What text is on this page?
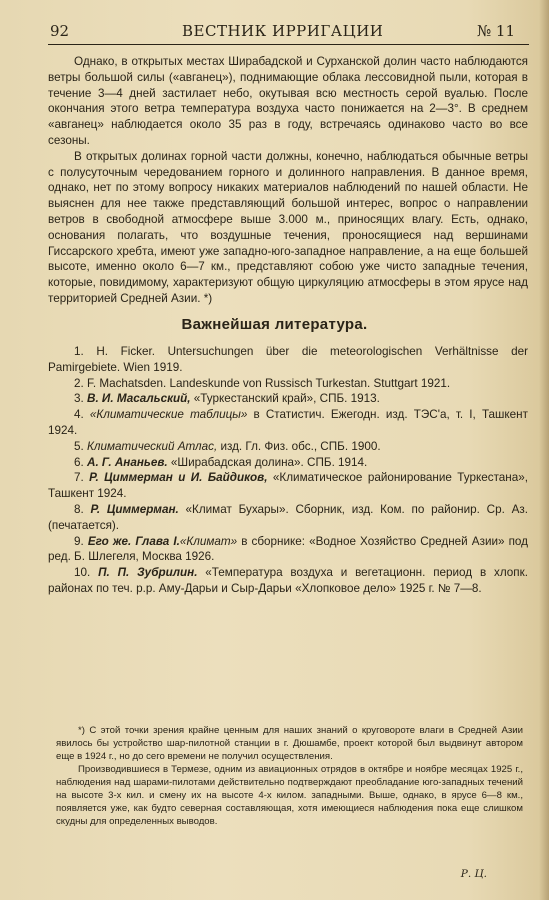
92	ВЕСТНИК ИРРИГАЦИИ	№ 11

Однако, в открытых местах Ширабадской и Сурханской долин часто наблюдаются ветры большой силы («авганец»), поднимающие облака лессовидной пыли, которая в течение 3—4 дней застилает небо, окутывая всю местность серой вуалью. После окончания этого ветра температура воздуха часто понижается на 2—3°. В среднем «авганец» наблюдается около 35 раз в году, встречаясь одинаково часто во все сезоны.

В открытых долинах горной части должны, конечно, наблюдаться обычные ветры с полусуточным чередованием горного и долинного направления. В данное время, однако, нет по этому вопросу никаких материалов наблюдений по нашей области. Не выяснен для нее также представляющий большой интерес, вопрос о направлении ветров в свободной атмосфере выше 3.000 м., приносящих влагу. Есть, однако, основания полагать, что воздушные течения, проносящиеся над вершинами Гиссарского хребта, имеют уже западно-юго-западное направление, а на еще большей высоте, именно около 6—7 км., представляют собою уже чисто западные течения, которые, повидимому, характеризуют общую циркуляцию атмосферы в этом ярусе над территорией Средней Азии. *)

Важнейшая литература.

1. H. Ficker. Untersuchungen über die meteorologischen Verhältnisse der Pamirgebiete. Wien 1919.

2. F. Machatsden. Landeskunde von Russisch Turkestan. Stuttgart 1921.

3. В. И. Масальский, «Туркестанский край», СПБ. 1913.

4. «Климатические таблицы» в Статистич. Ежегодн. изд. ТЭС'а, т. I, Ташкент 1924.

5. Климатический Атлас, изд. Гл. Физ. обс., СПБ. 1900.

6. А. Г. Ананьев. «Ширабадская долина». СПБ. 1914.

7. Р. Циммерман и И. Байдиков, «Климатическое районирование Туркестана», Ташкент 1924.

8. Р. Циммерман. «Климат Бухары». Сборник, изд. Ком. по районир. Ср. Аз. (печатается).

9. Его же. Глава I.«Климат» в сборнике: «Водное Хозяйство Средней Азии» под ред. Б. Шлегеля, Москва 1926.

10. П. П. Зубрилин. «Температура воздуха и вегетационн. период в хлопк. районах по теч. р.р. Аму-Дарьи и Сыр-Дарьи «Хлопковое дело» 1925 г. № 7—8.

*) С этой точки зрения крайне ценным для наших знаний о круговороте влаги в Средней Азии явилось бы устройство шар-пилотной станции в г. Дюшамбе, проект которой был выдвинут автором еще в 1924 г., но до сего времени не получил осуществления.

Производившиеся в Термезе, одним из авиационных отрядов в октябре и ноябре месяцах 1925 г., наблюдения над шарами-пилотами действительно подтверждают преобладание юго-западных течений на высоте 3-х кил. и смену их на высоте 4-х килом. западными. Выше, однако, в ярусе 6—8 км., появляется уже, как будто северная составляющая, хотя имеющиеся наблюдения пока еще слишком скудны для определенных выводов.

Р. Ц.
